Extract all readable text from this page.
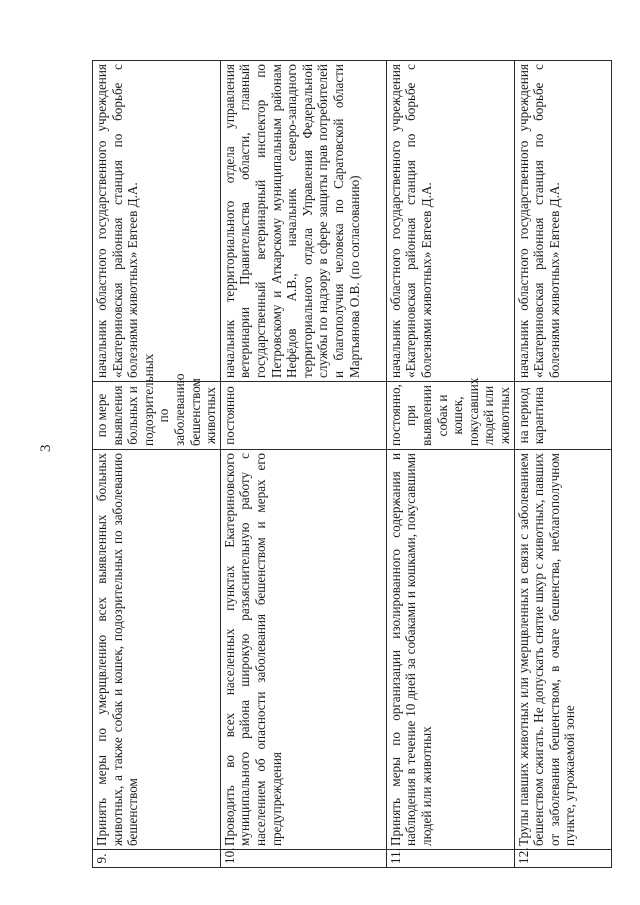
3
9.	Принять меры по умерщвлению всех выявленных больных животных, а также собак и кошек, подозрительных по заболеванию бешенством	по мере выявления больных и подозрительных по заболеванию бешенством животных	начальник областного государственного учреждения «Екатериновская районная станция по борьбе с болезнями животных» Евтеев Д.А.
10.	Проводить во всех населенных пунктах Екатериновского муниципального района широкую разъяснительную работу с населением об опасности заболевания бешенством и мерах его предупреждения	постоянно	начальник территориального отдела управления ветеринарии Правительства области, главный государственный ветеринарный инспектор по Петровскому и Аткарскому муниципальным районам Нефёдов А.В., начальник северо-западного территориального отдела Управления Федеральной службы по надзору в сфере защиты прав потребителей и благополучия человека по Саратовской области Мартьянова О.В. (по согласованию)
11.	Принять меры по организации изолированного содержания и наблюдения в течение 10 дней за собаками и кошками, покусавшими людей или животных	постоянно, при выявлении собак и кошек, покусавших людей или животных	начальник областного государственного учреждения «Екатериновская районная станция по борьбе с болезнями животных» Евтеев Д.А.
12.	Трупы павших животных или умерщвленных в связи с заболеванием бешенством сжигать. Не допускать снятие шкур с животных, павших от заболевания бешенством, в очаге бешенства, неблагополучном пункте, угрожаемой зоне	на период карантина	начальник областного государственного учреждения «Екатериновская районная станция по борьбе с болезнями животных» Евтеев Д.А.
